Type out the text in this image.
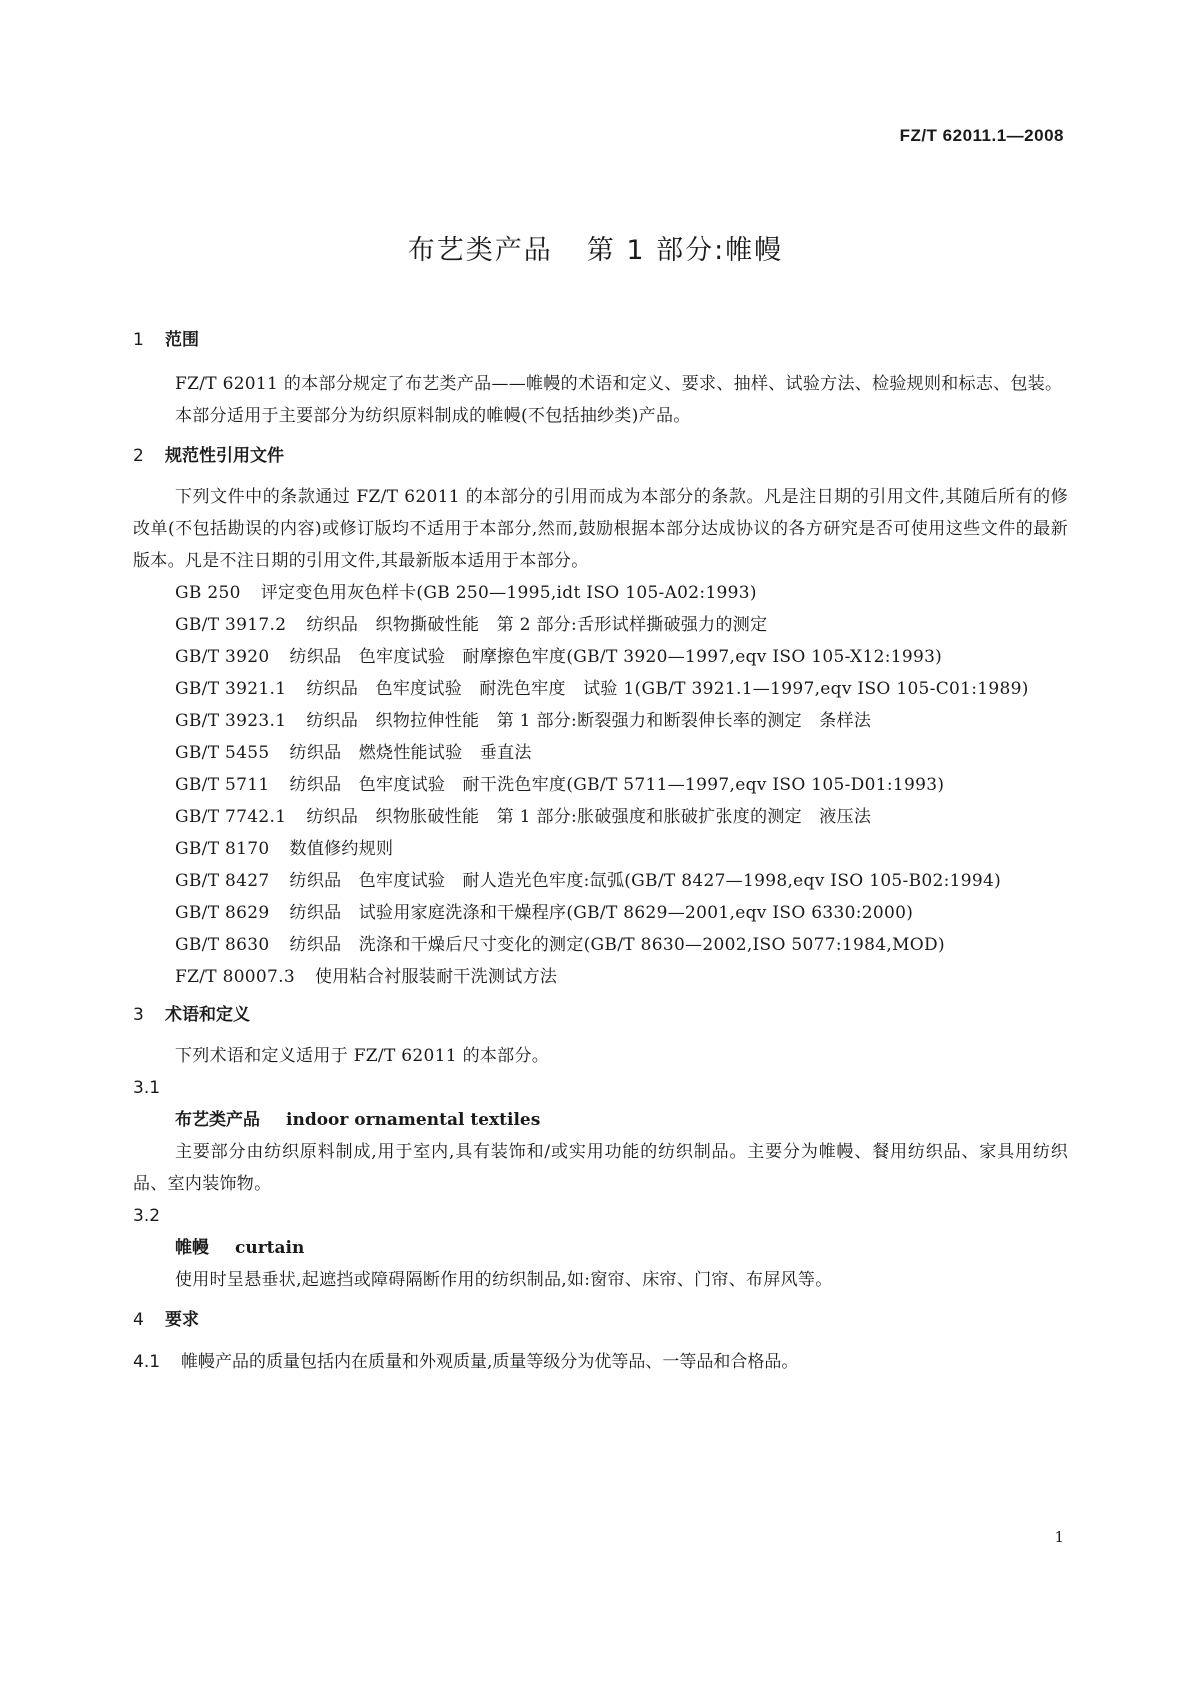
FZ/T 62011.1—2008
布艺类产品 第 1 部分:帷幔
1 范围
FZ/T 62011 的本部分规定了布艺类产品——帷幔的术语和定义、要求、抽样、试验方法、检验规则和标志、包装。
本部分适用于主要部分为纺织原料制成的帷幔(不包括抽纱类)产品。
2 规范性引用文件
下列文件中的条款通过 FZ/T 62011 的本部分的引用而成为本部分的条款。凡是注日期的引用文件,其随后所有的修改单(不包括勘误的内容)或修订版均不适用于本部分,然而,鼓励根据本部分达成协议的各方研究是否可使用这些文件的最新版本。凡是不注日期的引用文件,其最新版本适用于本部分。
GB 250 评定变色用灰色样卡(GB 250—1995,idt ISO 105-A02:1993)
GB/T 3917.2 纺织品　织物撕破性能　第 2 部分:舌形试样撕破强力的测定
GB/T 3920 纺织品　色牢度试验　耐摩擦色牢度(GB/T 3920—1997,eqv ISO 105-X12:1993)
GB/T 3921.1 纺织品　色牢度试验　耐洗色牢度　试验 1(GB/T 3921.1—1997,eqv ISO 105-C01:1989)
GB/T 3923.1 纺织品　织物拉伸性能　第 1 部分:断裂强力和断裂伸长率的测定　条样法
GB/T 5455 纺织品　燃烧性能试验　垂直法
GB/T 5711 纺织品　色牢度试验　耐干洗色牢度(GB/T 5711—1997,eqv ISO 105-D01:1993)
GB/T 7742.1 纺织品　织物胀破性能　第 1 部分:胀破强度和胀破扩张度的测定　液压法
GB/T 8170 数值修约规则
GB/T 8427 纺织品　色牢度试验　耐人造光色牢度:氙弧(GB/T 8427—1998,eqv ISO 105-B02:1994)
GB/T 8629 纺织品　试验用家庭洗涤和干燥程序(GB/T 8629—2001,eqv ISO 6330:2000)
GB/T 8630 纺织品　洗涤和干燥后尺寸变化的测定(GB/T 8630—2002,ISO 5077:1984,MOD)
FZ/T 80007.3 使用粘合衬服装耐干洗测试方法
3 术语和定义
下列术语和定义适用于 FZ/T 62011 的本部分。
3.1
布艺类产品 indoor ornamental textiles
主要部分由纺织原料制成,用于室内,具有装饰和/或实用功能的纺织制品。主要分为帷幔、餐用纺织品、家具用纺织品、室内装饰物。
3.2
帷幔 curtain
使用时呈悬垂状,起遮挡或障碍隔断作用的纺织制品,如:窗帘、床帘、门帘、布屏风等。
4 要求
4.1 帷幔产品的质量包括内在质量和外观质量,质量等级分为优等品、一等品和合格品。
1
